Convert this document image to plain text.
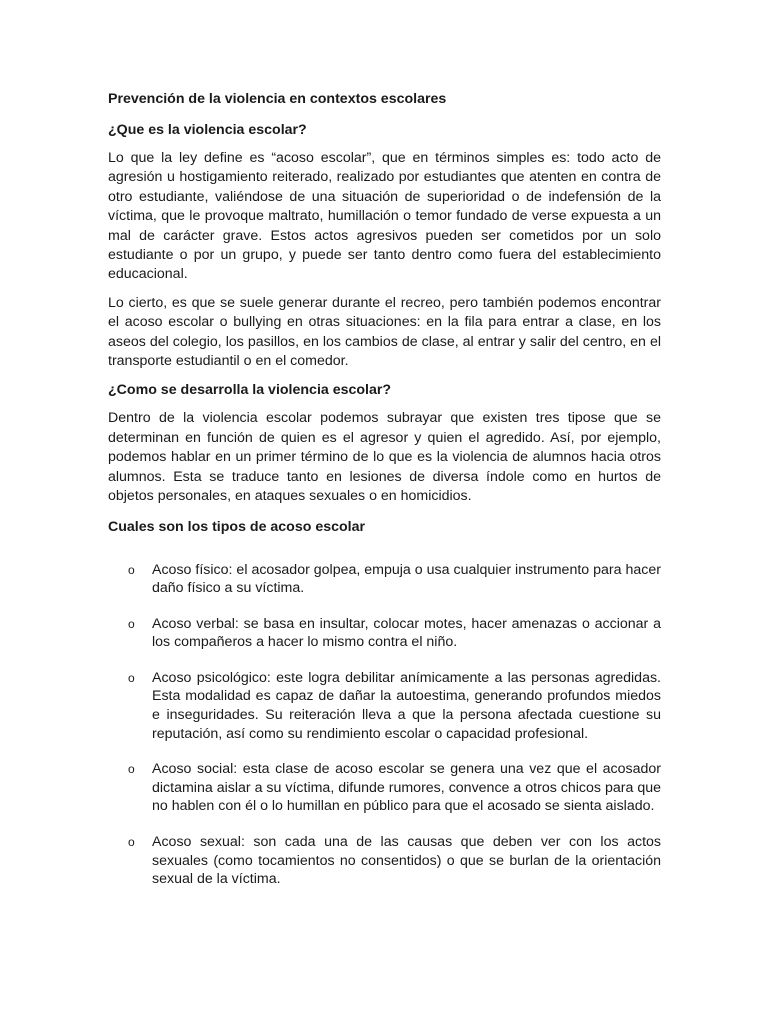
Prevención de la violencia en contextos escolares
¿Que es la violencia escolar?

Lo que la ley define es “acoso escolar”, que en términos simples es: todo acto de agresión u hostigamiento reiterado, realizado por estudiantes que atenten en contra de otro estudiante, valiéndose de una situación de superioridad o de indefensión de la víctima, que le provoque maltrato, humillación o temor fundado de verse expuesta a un mal de carácter grave. Estos actos agresivos pueden ser cometidos por un solo estudiante o por un grupo, y puede ser tanto dentro como fuera del establecimiento educacional.

Lo cierto, es que se suele generar durante el recreo, pero también podemos encontrar el acoso escolar o bullying en otras situaciones: en la fila para entrar a clase, en los aseos del colegio, los pasillos, en los cambios de clase, al entrar y salir del centro, en el transporte estudiantil o en el comedor.

¿Como se desarrolla la violencia escolar?

Dentro de la violencia escolar podemos subrayar que existen tres tipose que se determinan en función de quien es el agresor y quien el agredido. Así, por ejemplo, podemos hablar en un primer término de lo que es la violencia de alumnos hacia otros alumnos. Esta se traduce tanto en lesiones de diversa índole como en hurtos de objetos personales, en ataques sexuales o en homicidios.

Cuales son los tipos de acoso escolar
o Acoso físico: el acosador golpea, empuja o usa cualquier instrumento para hacer daño físico a su víctima.
o Acoso verbal: se basa en insultar, colocar motes, hacer amenazas o accionar a los compañeros a hacer lo mismo contra el niño.
o Acoso psicológico: este logra debilitar anímicamente a las personas agredidas. Esta modalidad es capaz de dañar la autoestima, generando profundos miedos e inseguridades. Su reiteración lleva a que la persona afectada cuestione su reputación, así como su rendimiento escolar o capacidad profesional.
o Acoso social: esta clase de acoso escolar se genera una vez que el acosador dictamina aislar a su víctima, difunde rumores, convence a otros chicos para que no hablen con él o lo humillan en público para que el acosado se sienta aislado.
o Acoso sexual: son cada una de las causas que deben ver con los actos sexuales (como tocamientos no consentidos) o que se burlan de la orientación sexual de la víctima.
